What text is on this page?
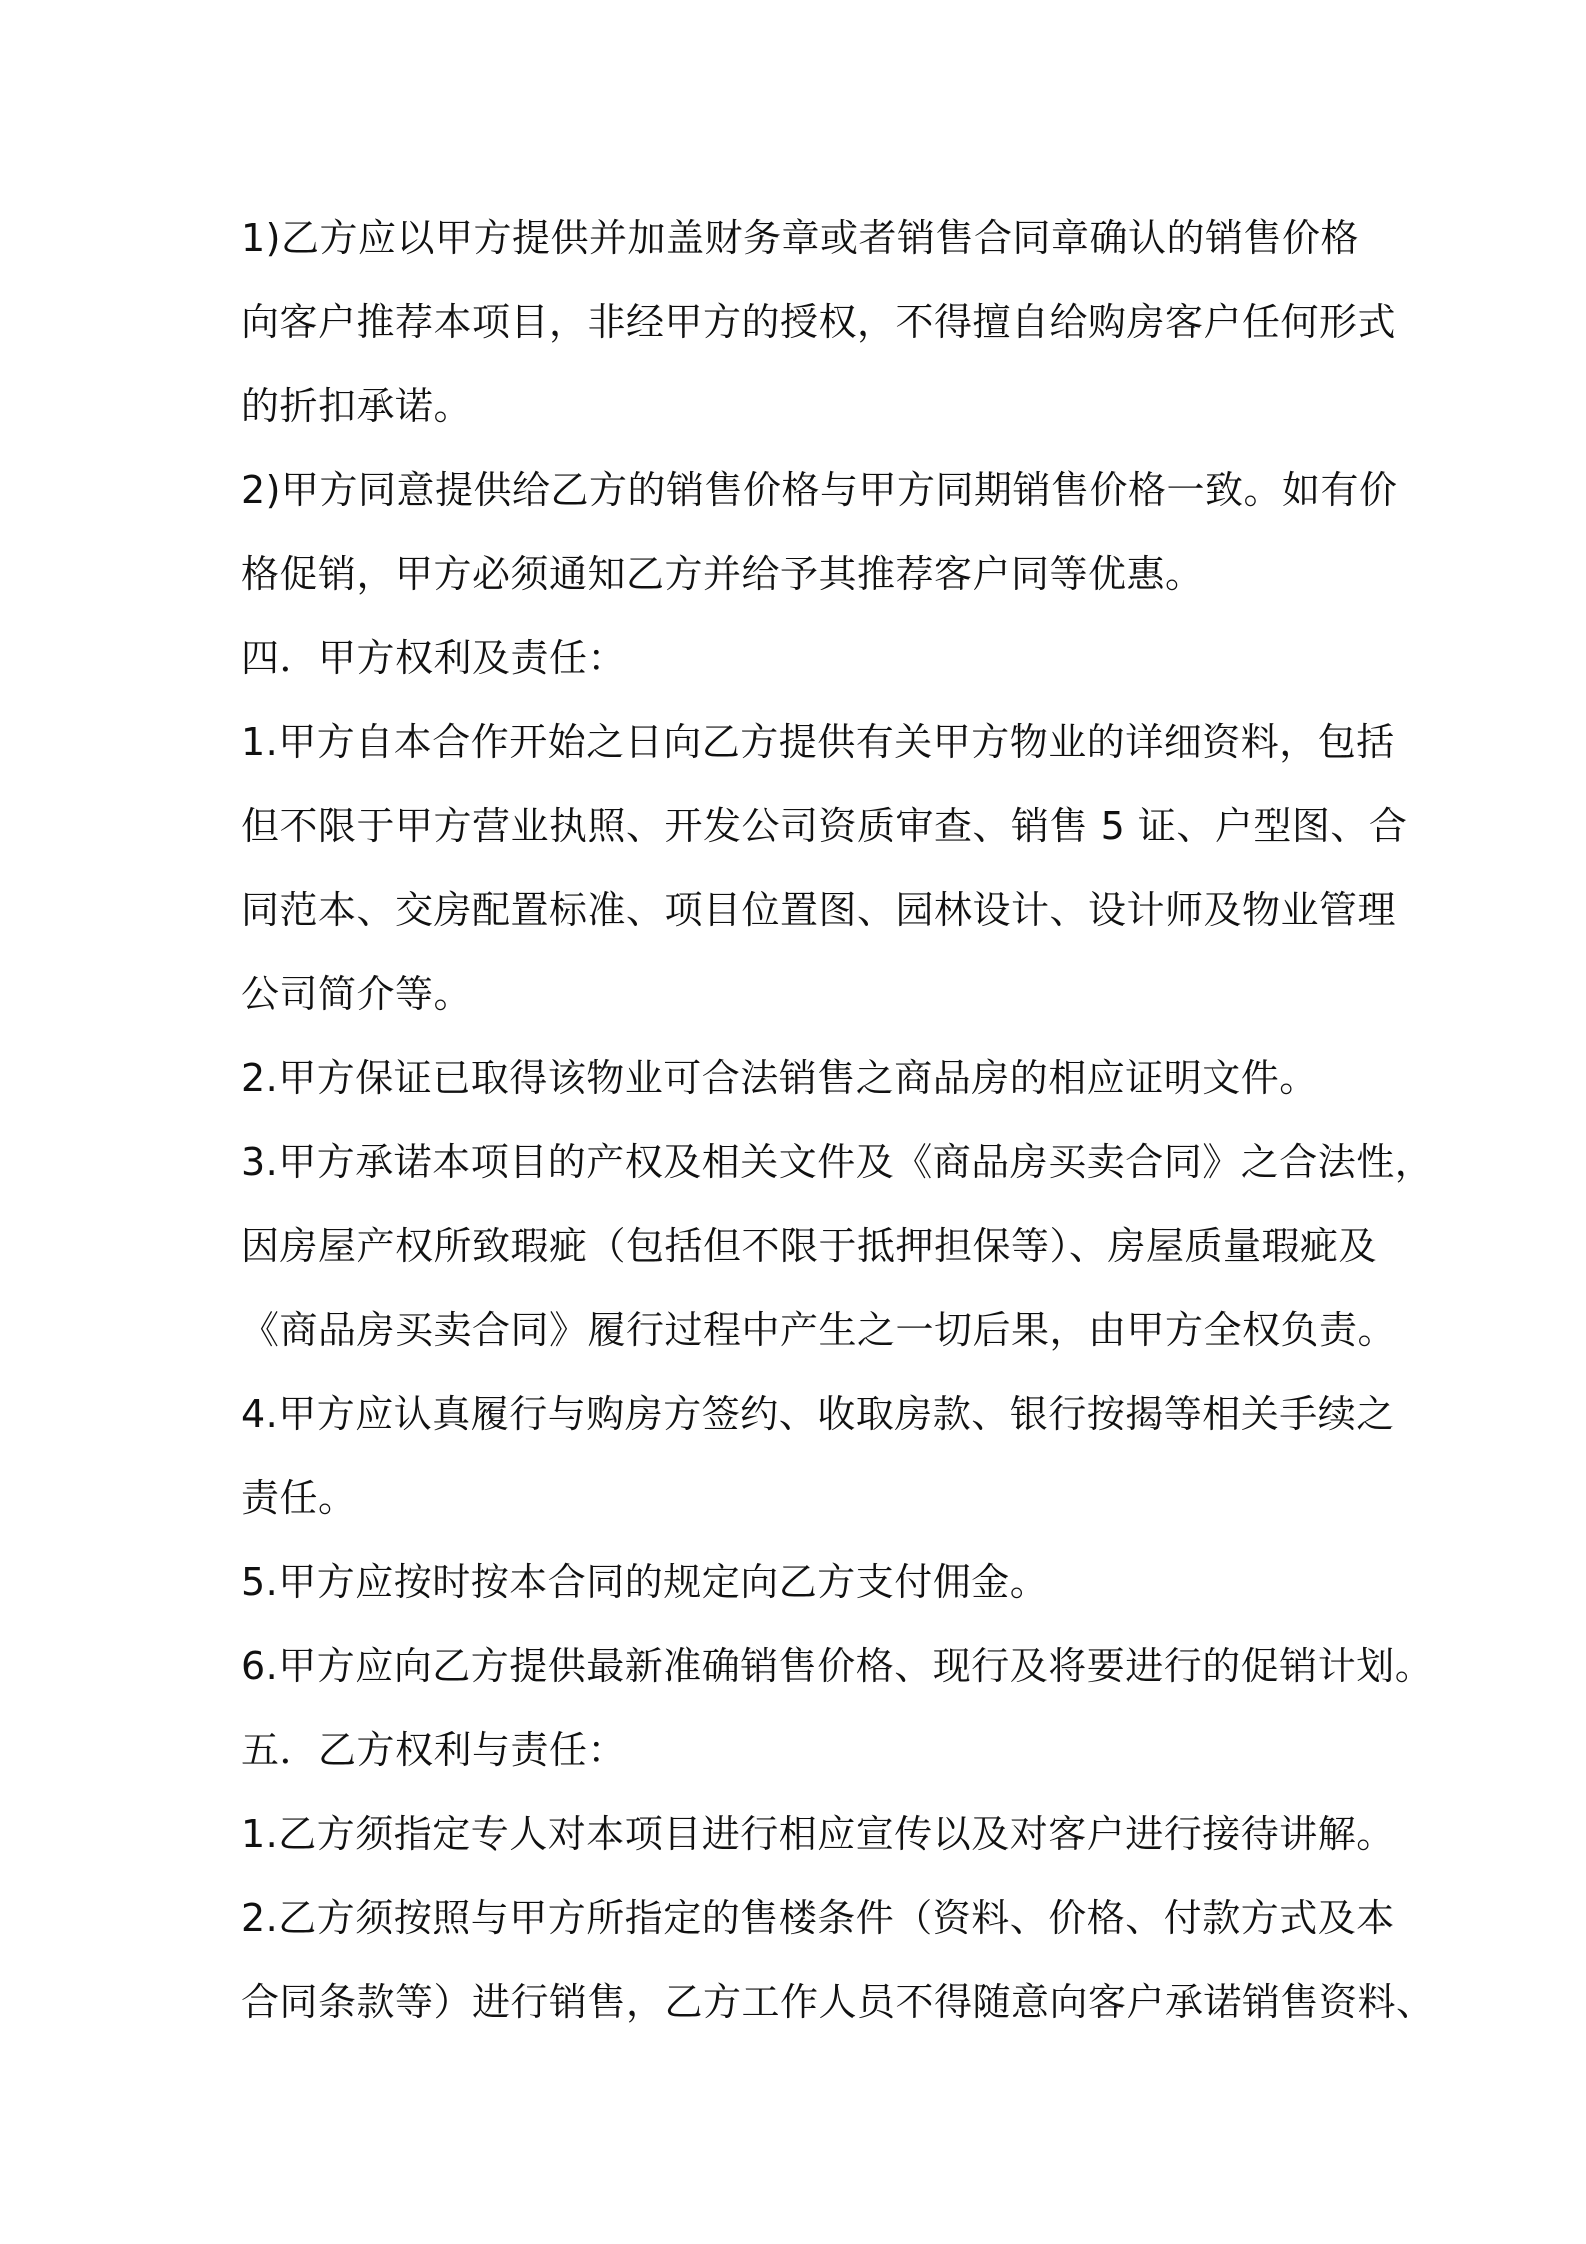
1)乙方应以甲方提供并加盖财务章或者销售合同章确认的销售价格
向客户推荐本项目，非经甲方的授权，不得擅自给购房客户任何形式
的折扣承诺。
2)甲方同意提供给乙方的销售价格与甲方同期销售价格一致。如有价
格促销，甲方必须通知乙方并给予其推荐客户同等优惠。
四．甲方权利及责任：
1.甲方自本合作开始之日向乙方提供有关甲方物业的详细资料，包括
但不限于甲方营业执照、开发公司资质审查、销售 5 证、户型图、合
同范本、交房配置标准、项目位置图、园林设计、设计师及物业管理
公司简介等。
2.甲方保证已取得该物业可合法销售之商品房的相应证明文件。
3.甲方承诺本项目的产权及相关文件及《商品房买卖合同》之合法性，
因房屋产权所致瑕疵（包括但不限于抵押担保等）、房屋质量瑕疵及
《商品房买卖合同》履行过程中产生之一切后果，由甲方全权负责。
4.甲方应认真履行与购房方签约、收取房款、银行按揭等相关手续之
责任。
5.甲方应按时按本合同的规定向乙方支付佣金。
6.甲方应向乙方提供最新准确销售价格、现行及将要进行的促销计划。
五．乙方权利与责任：
1.乙方须指定专人对本项目进行相应宣传以及对客户进行接待讲解。
2.乙方须按照与甲方所指定的售楼条件（资料、价格、付款方式及本
合同条款等）进行销售，乙方工作人员不得随意向客户承诺销售资料、
